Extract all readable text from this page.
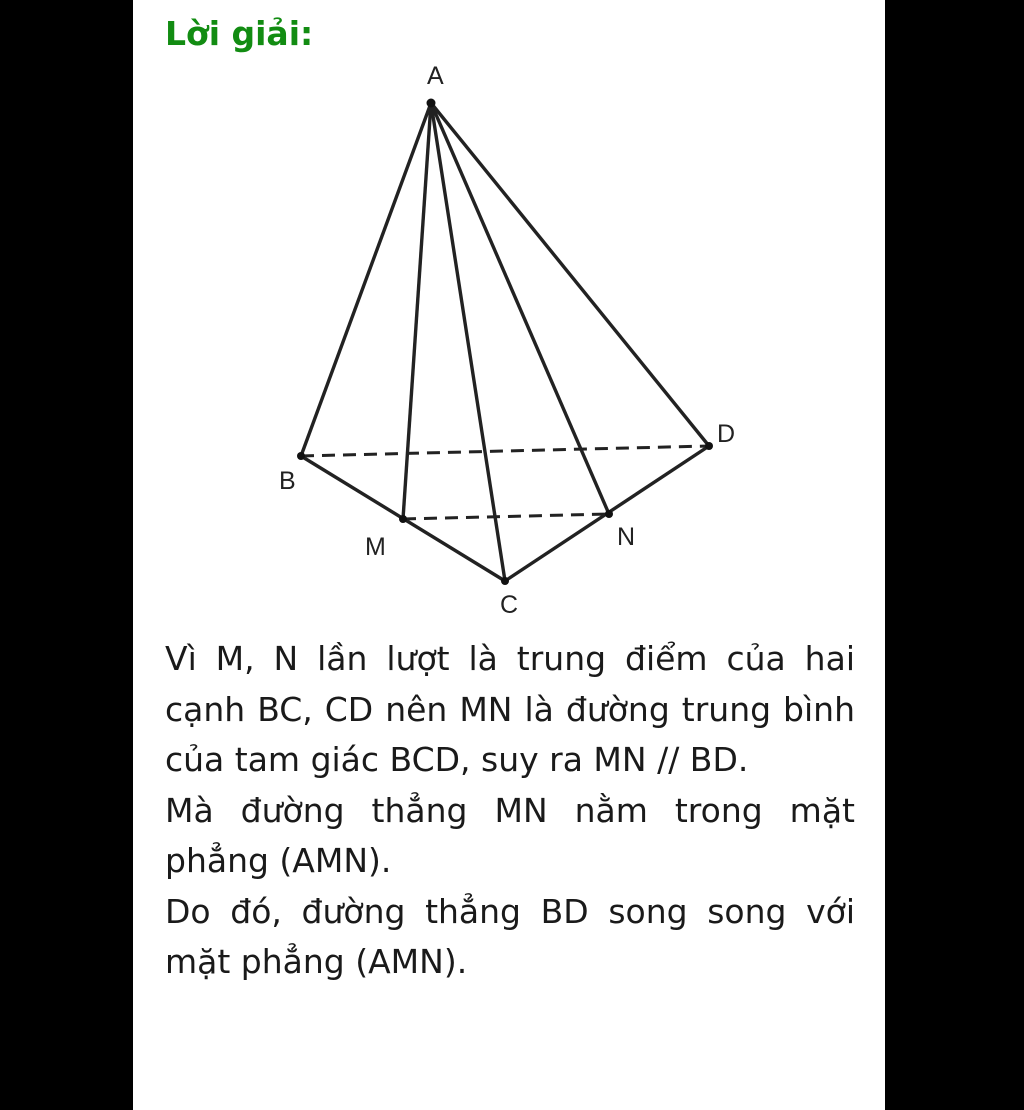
Lời giải:
A
B
C
D
M	N

Vì M, N lần lượt là trung điểm của hai cạnh BC, CD nên MN là đường trung bình của tam giác BCD, suy ra MN // BD.

Mà đường thẳng MN nằm trong mặt phẳng (AMN).

Do đó, đường thẳng BD song song với mặt phẳng (AMN).
